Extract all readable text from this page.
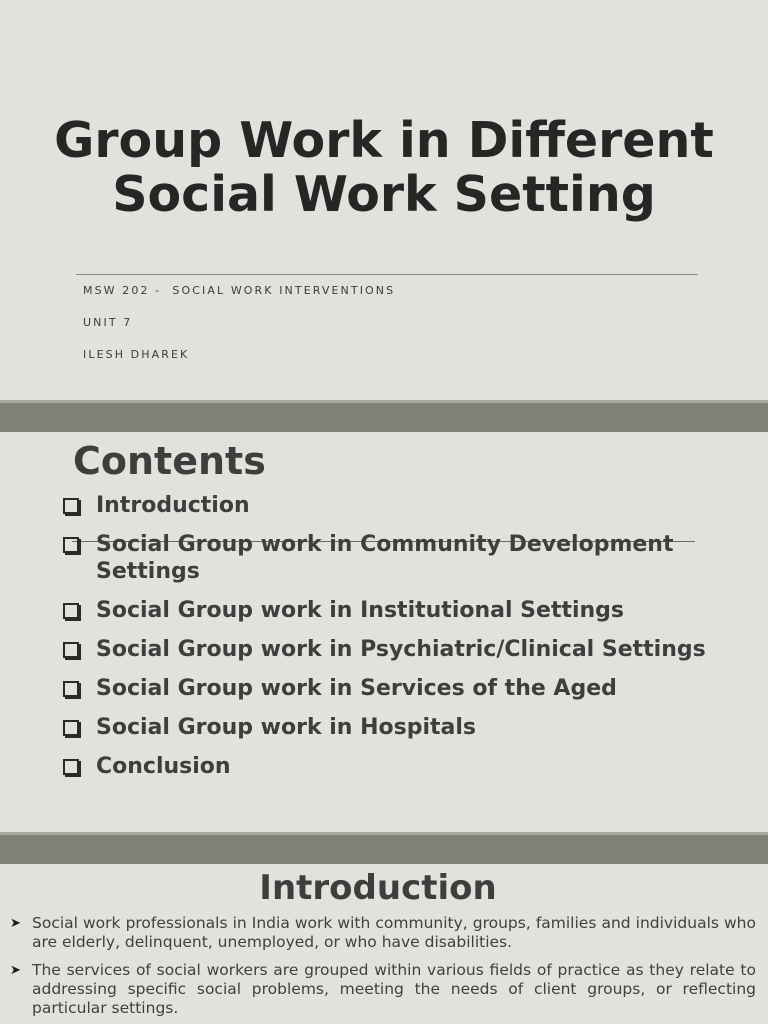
Group Work in Different
Social Work Setting
MSW 202 -  SOCIAL WORK INTERVENTIONS
UNIT 7
ILESH DHAREK
Contents
Introduction
Social Group work in Community Development Settings
Social Group work in Institutional Settings
Social Group work in Psychiatric/Clinical Settings
Social Group work in Services of the Aged
Social Group work in Hospitals
Conclusion
Introduction
➤ Social work professionals in India work with community, groups, families and individuals who are elderly, delinquent, unemployed, or who have disabilities.
➤ The services of social workers are grouped within various fields of practice as they relate to addressing specific social problems, meeting the needs of client groups, or reflecting particular settings.
